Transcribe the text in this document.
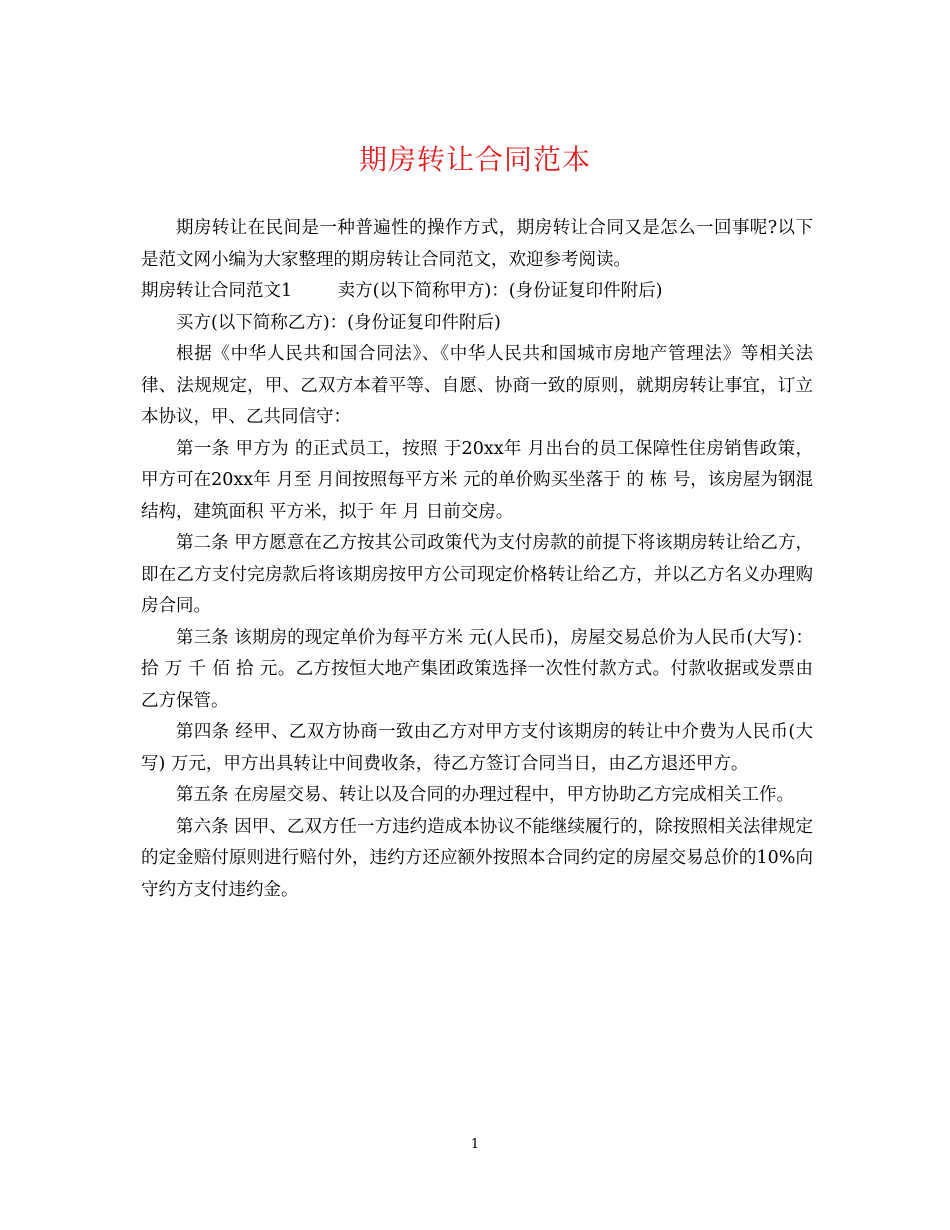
期房转让合同范本

期房转让在民间是一种普遍性的操作方式，期房转让合同又是怎么一回事呢?以下是范文网小编为大家整理的期房转让合同范文，欢迎参考阅读。

期房转让合同范文1	卖方(以下简称甲方)：(身份证复印件附后)

买方(以下简称乙方)：(身份证复印件附后)

根据《中华人民共和国合同法》、《中华人民共和国城市房地产管理法》等相关法律、法规规定，甲、乙双方本着平等、自愿、协商一致的原则，就期房转让事宜，订立本协议，甲、乙共同信守：

第一条 甲方为 的正式员工，按照 于20xx年 月出台的员工保障性住房销售政策，甲方可在20xx年 月至 月间按照每平方米 元的单价购买坐落于 的 栋 号，该房屋为钢混结构，建筑面积 平方米，拟于 年 月 日前交房。

第二条 甲方愿意在乙方按其公司政策代为支付房款的前提下将该期房转让给乙方，即在乙方支付完房款后将该期房按甲方公司现定价格转让给乙方，并以乙方名义办理购房合同。

第三条 该期房的现定单价为每平方米 元(人民币)，房屋交易总价为人民币(大写)： 拾 万 千 佰 拾 元。乙方按恒大地产集团政策选择一次性付款方式。付款收据或发票由乙方保管。

第四条 经甲、乙双方协商一致由乙方对甲方支付该期房的转让中介费为人民币(大写) 万元，甲方出具转让中间费收条，待乙方签订合同当日，由乙方退还甲方。

第五条 在房屋交易、转让以及合同的办理过程中，甲方协助乙方完成相关工作。

第六条 因甲、乙双方任一方违约造成本协议不能继续履行的，除按照相关法律规定的定金赔付原则进行赔付外，违约方还应额外按照本合同约定的房屋交易总价的10%向守约方支付违约金。

1
